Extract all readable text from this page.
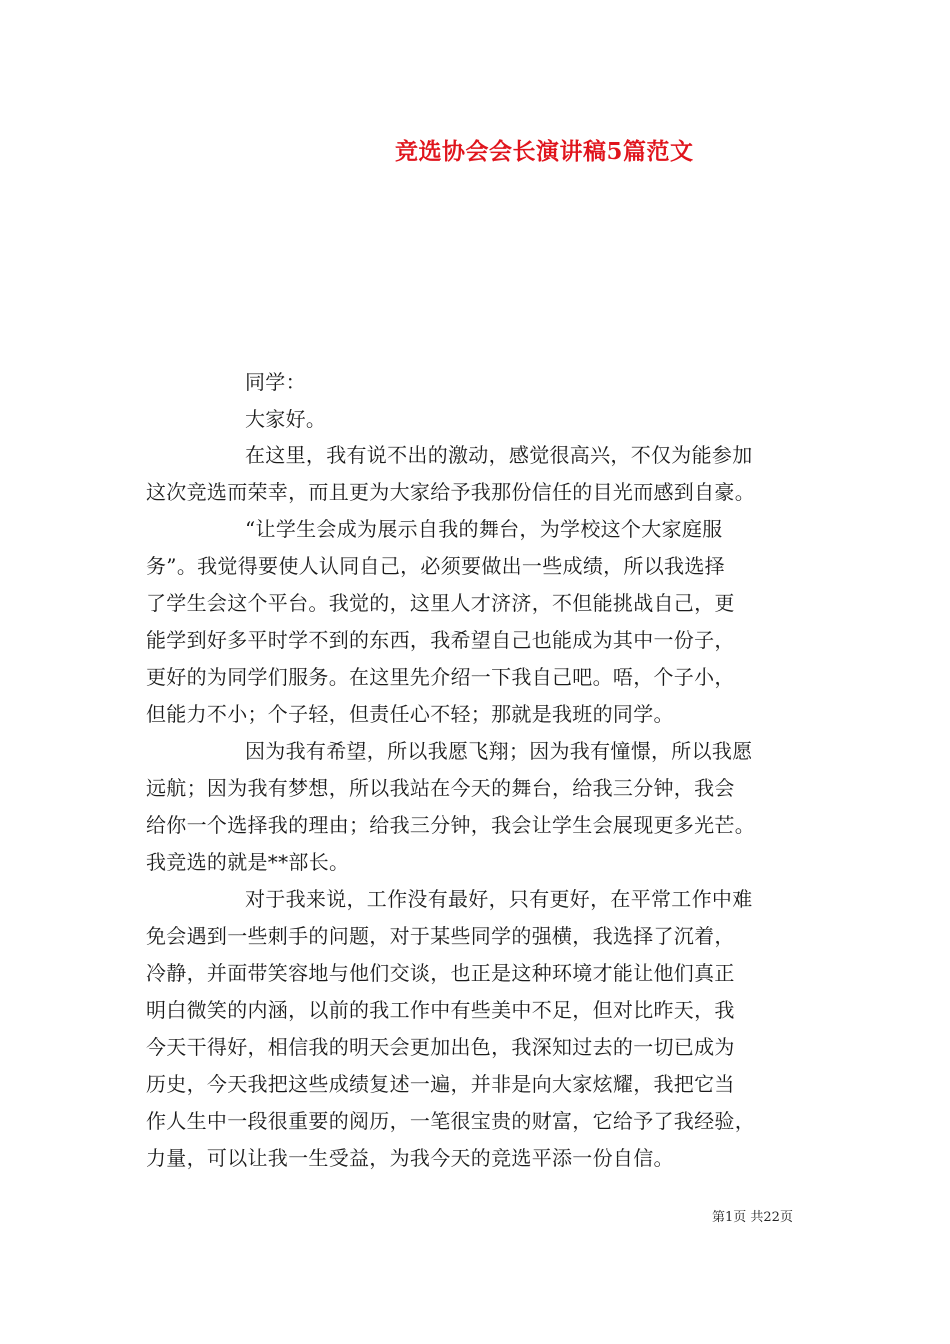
竞选协会会长演讲稿5篇范文
同学：
大家好。
在这里，我有说不出的激动，感觉很高兴，不仅为能参加
这次竞选而荣幸，而且更为大家给予我那份信任的目光而感到自豪。
“让学生会成为展示自我的舞台，为学校这个大家庭服
务”。我觉得要使人认同自己，必须要做出一些成绩，所以我选择
了学生会这个平台。我觉的，这里人才济济，不但能挑战自己，更
能学到好多平时学不到的东西，我希望自己也能成为其中一份子，
更好的为同学们服务。在这里先介绍一下我自己吧。唔，个子小，
但能力不小；个子轻，但责任心不轻；那就是我班的同学。
因为我有希望，所以我愿飞翔；因为我有憧憬，所以我愿
远航；因为我有梦想，所以我站在今天的舞台，给我三分钟，我会
给你一个选择我的理由；给我三分钟，我会让学生会展现更多光芒。
我竞选的就是**部长。
对于我来说，工作没有最好，只有更好，在平常工作中难
免会遇到一些刺手的问题，对于某些同学的强横，我选择了沉着，
冷静，并面带笑容地与他们交谈，也正是这种环境才能让他们真正
明白微笑的内涵，以前的我工作中有些美中不足，但对比昨天，我
今天干得好，相信我的明天会更加出色，我深知过去的一切已成为
历史，今天我把这些成绩复述一遍，并非是向大家炫耀，我把它当
作人生中一段很重要的阅历，一笔很宝贵的财富，它给予了我经验，
力量，可以让我一生受益，为我今天的竞选平添一份自信。
第1页 共22页
